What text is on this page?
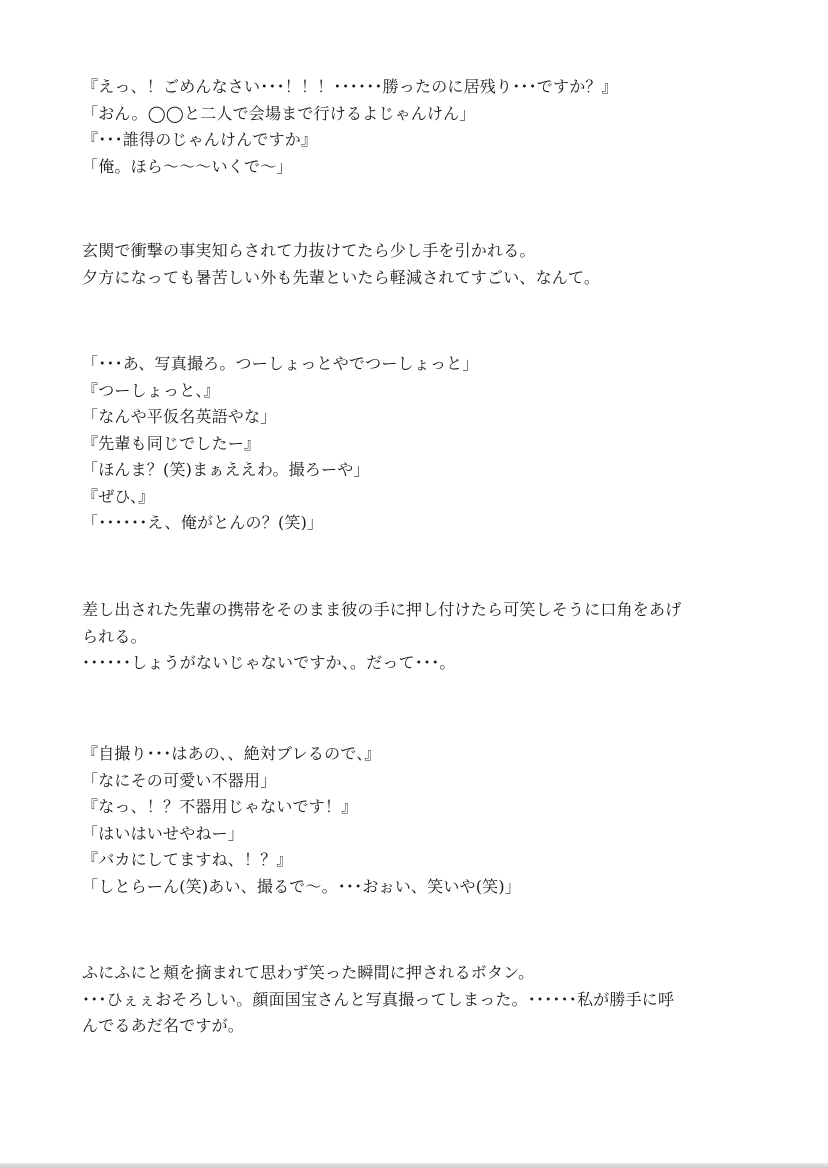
『えっ、！ごめんなさい･･･！！！･･････勝ったのに居残り･･･ですか？』
「おん。◯◯と二人で会場まで行けるよじゃんけん」
『･･･誰得のじゃんけんですか』
「俺。ほら〜〜〜いくで〜」
玄関で衝撃の事実知らされて力抜けてたら少し手を引かれる。
夕方になっても暑苦しい外も先輩といたら軽減されてすごい、なんて。
「･･･あ、写真撮ろ。つーしょっとやでつーしょっと」
『つーしょっと、』
「なんや平仮名英語やな」
『先輩も同じでしたー』
「ほんま？(笑)まぁええわ。撮ろーや」
『ぜひ、』
「･･････え、俺がとんの？(笑)」
差し出された先輩の携帯をそのまま彼の手に押し付けたら可笑しそうに口角をあげ
られる。
･･････しょうがないじゃないですか、。だって･･･。
『自撮り･･･はあの、、絶対ブレるので、』
「なにその可愛い不器用」
『なっ、！？不器用じゃないです！』
「はいはいせやねー」
『バカにしてますね、！？』
「しとらーん(笑)あい、撮るで〜。･･･おぉい、笑いや(笑)」
ふにふにと頬を摘まれて思わず笑った瞬間に押されるボタン。
･･･ひぇぇおそろしい。顔面国宝さんと写真撮ってしまった。･･････私が勝手に呼
んでるあだ名ですが。
